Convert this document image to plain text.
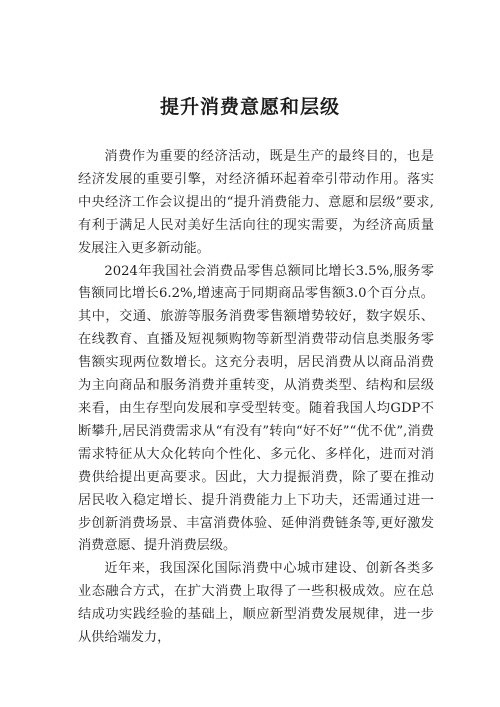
提升消费意愿和层级

消费作为重要的经济活动，既是生产的最终目的，也是经济发展的重要引擎，对经济循环起着牵引带动作用。落实中央经济工作会议提出的“提升消费能力、意愿和层级”要求,有利于满足人民对美好生活向往的现实需要，为经济高质量发展注入更多新动能。

2024年我国社会消费品零售总额同比增长3.5%,服务零售额同比增长6.2%,增速高于同期商品零售额3.0个百分点。其中，交通、旅游等服务消费零售额增势较好，数字娱乐、在线教育、直播及短视频购物等新型消费带动信息类服务零售额实现两位数增长。这充分表明，居民消费从以商品消费为主向商品和服务消费并重转变，从消费类型、结构和层级来看，由生存型向发展和享受型转变。随着我国人均GDP不断攀升,居民消费需求从“有没有”转向“好不好”“优不优”,消费需求特征从大众化转向个性化、多元化、多样化，进而对消费供给提出更高要求。因此，大力提振消费，除了要在推动居民收入稳定增长、提升消费能力上下功夫，还需通过进一步创新消费场景、丰富消费体验、延伸消费链条等,更好激发消费意愿、提升消费层级。

近年来，我国深化国际消费中心城市建设、创新各类多业态融合方式，在扩大消费上取得了一些积极成效。应在总结成功实践经验的基础上，顺应新型消费发展规律，进一步从供给端发力，
